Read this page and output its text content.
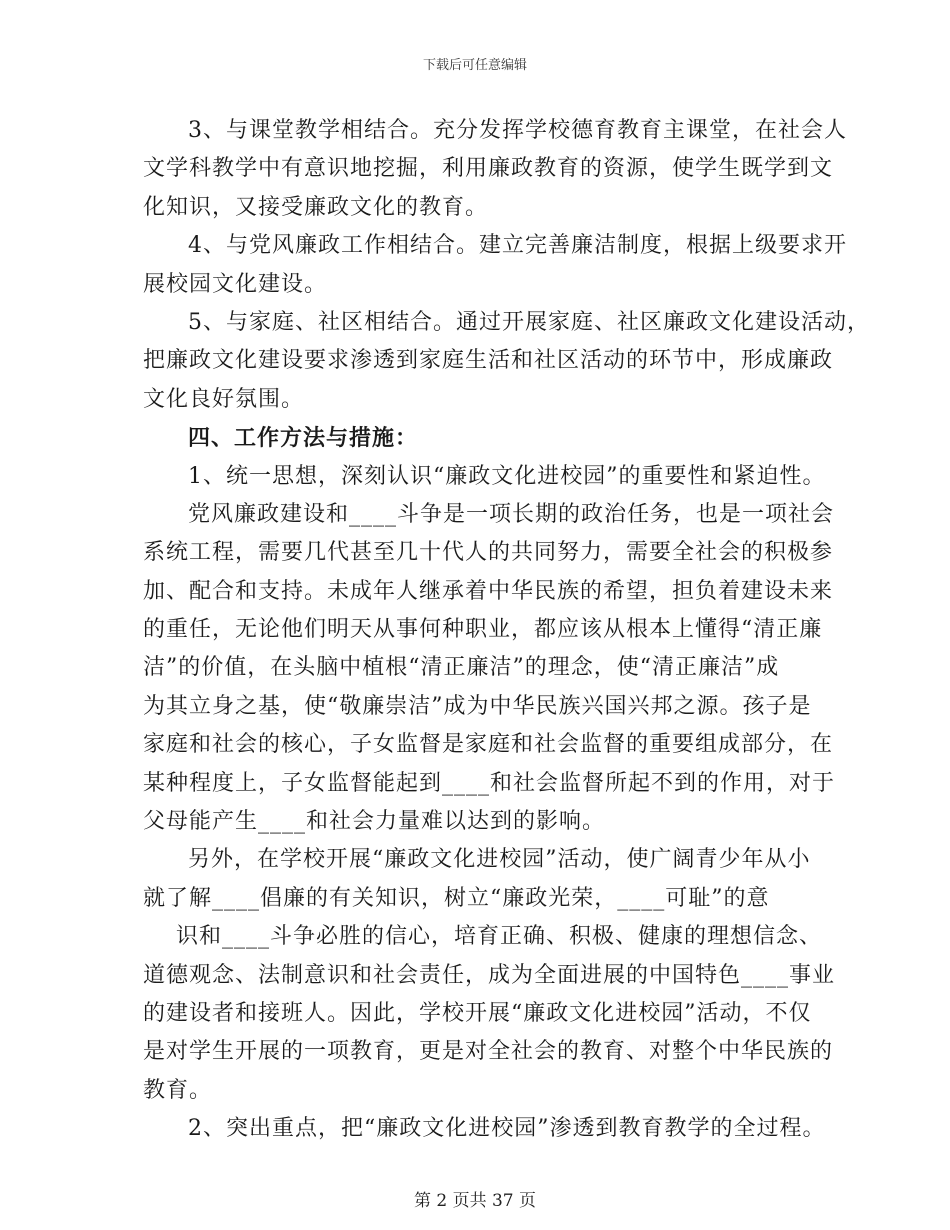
下载后可任意编辑
3、与课堂教学相结合。充分发挥学校德育教育主课堂，在社会人
文学科教学中有意识地挖掘，利用廉政教育的资源，使学生既学到文
化知识，又接受廉政文化的教育。
4、与党风廉政工作相结合。建立完善廉洁制度，根据上级要求开
展校园文化建设。
5、与家庭、社区相结合。通过开展家庭、社区廉政文化建设活动，
把廉政文化建设要求渗透到家庭生活和社区活动的环节中，形成廉政
文化良好氛围。
四、工作方法与措施：
1、统一思想，深刻认识“廉政文化进校园”的重要性和紧迫性。
党风廉政建设和____斗争是一项长期的政治任务，也是一项社会
系统工程，需要几代甚至几十代人的共同努力，需要全社会的积极参
加、配合和支持。未成年人继承着中华民族的希望，担负着建设未来
的重任，无论他们明天从事何种职业，都应该从根本上懂得“清正廉
洁”的价值，在头脑中植根“清正廉洁”的理念，使“清正廉洁”成
为其立身之基，使“敬廉崇洁”成为中华民族兴国兴邦之源。孩子是
家庭和社会的核心，子女监督是家庭和社会监督的重要组成部分，在
某种程度上，子女监督能起到____和社会监督所起不到的作用，对于
父母能产生____和社会力量难以达到的影响。
另外，在学校开展“廉政文化进校园”活动，使广阔青少年从小
就了解____倡廉的有关知识，树立“廉政光荣，____可耻”的意
识和____斗争必胜的信心，培育正确、积极、健康的理想信念、
道德观念、法制意识和社会责任，成为全面进展的中国特色____事业
的建设者和接班人。因此，学校开展“廉政文化进校园”活动，不仅
是对学生开展的一项教育，更是对全社会的教育、对整个中华民族的
教育。
2、突出重点，把“廉政文化进校园”渗透到教育教学的全过程。
第 2 页共 37 页
